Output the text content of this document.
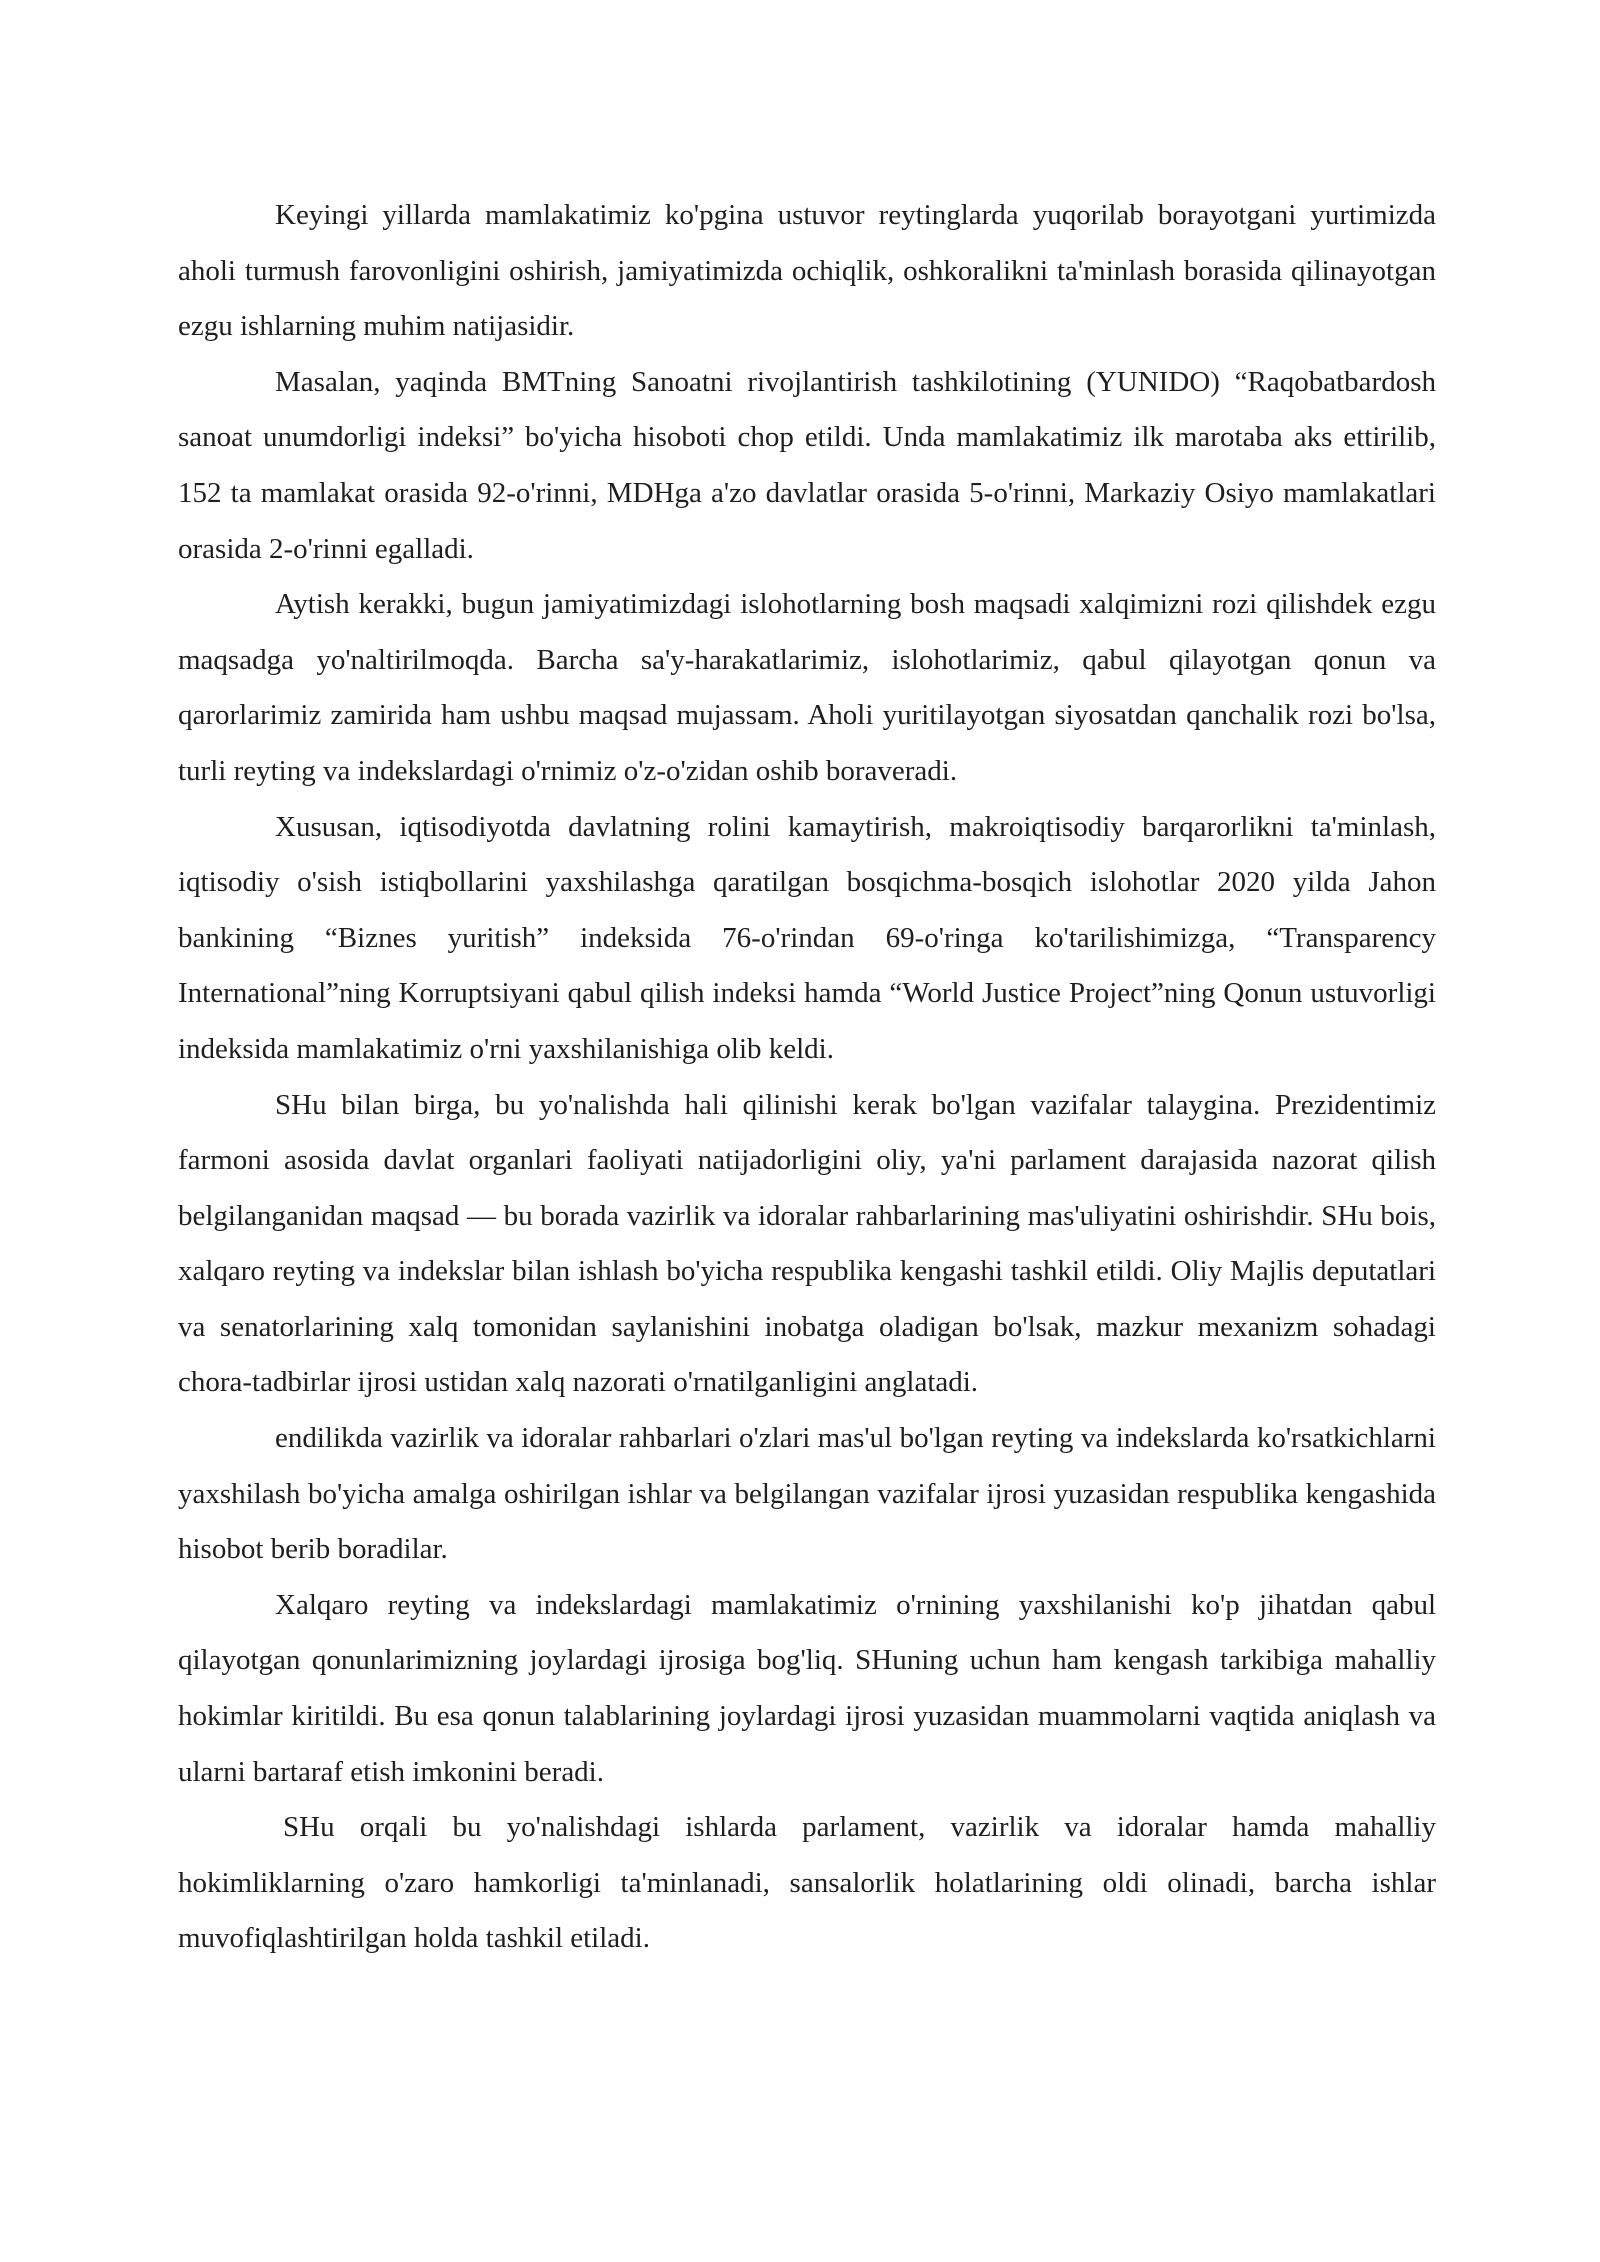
Keyingi yillarda mamlakatimiz ko'pgina ustuvor reytinglarda yuqorilab borayotgani yurtimizda aholi turmush farovonligini oshirish, jamiyatimizda ochiqlik, oshkoralikni ta'minlash borasida qilinayotgan ezgu ishlarning muhim natijasidir.

Masalan, yaqinda BMTning Sanoatni rivojlantirish tashkilotining (YUNIDO) “Raqobatbardosh sanoat unumdorligi indeksi” bo'yicha hisoboti chop etildi. Unda mamlakatimiz ilk marotaba aks ettirilib, 152 ta mamlakat orasida 92-o'rinni, MDHga a'zo davlatlar orasida 5-o'rinni, Markaziy Osiyo mamlakatlari orasida 2-o'rinni egalladi.

Aytish kerakki, bugun jamiyatimizdagi islohotlarning bosh maqsadi xalqimizni rozi qilishdek ezgu maqsadga yo'naltirilmoqda. Barcha sa'y-harakatlarimiz, islohotlarimiz, qabul qilayotgan qonun va qarorlarimiz zamirida ham ushbu maqsad mujassam. Aholi yuritilayotgan siyosatdan qanchalik rozi bo'lsa, turli reyting va indekslardagi o'rnimiz o'z-o'zidan oshib boraveradi.

Xususan, iqtisodiyotda davlatning rolini kamaytirish, makroiqtisodiy barqarorlikni ta'minlash, iqtisodiy o'sish istiqbollarini yaxshilashga qaratilgan bosqichma-bosqich islohotlar 2020 yilda Jahon bankining “Biznes yuritish” indeksida 76-o'rindan 69-o'ringa ko'tarilishimizga, “Transparency International”ning Korruptsiyani qabul qilish indeksi hamda “World Justice Project”ning Qonun ustuvorligi indeksida mamlakatimiz o'rni yaxshilanishiga olib keldi.

SHu bilan birga, bu yo'nalishda hali qilinishi kerak bo'lgan vazifalar talaygina. Prezidentimiz farmoni asosida davlat organlari faoliyati natijadorligini oliy, ya'ni parlament darajasida nazorat qilish belgilanganidan maqsad — bu borada vazirlik va idoralar rahbarlarining mas'uliyatini oshirishdir. SHu bois, xalqaro reyting va indekslar bilan ishlash bo'yicha respublika kengashi tashkil etildi. Oliy Majlis deputatlari va senatorlarining xalq tomonidan saylanishini inobatga oladigan bo'lsak, mazkur mexanizm sohadagi chora-tadbirlar ijrosi ustidan xalq nazorati o'rnatilganligini anglatadi.

endilikda vazirlik va idoralar rahbarlari o'zlari mas'ul bo'lgan reyting va indekslarda ko'rsatkichlarni yaxshilash bo'yicha amalga oshirilgan ishlar va belgilangan vazifalar ijrosi yuzasidan respublika kengashida hisobot berib boradilar.

Xalqaro reyting va indekslardagi mamlakatimiz o'rnining yaxshilanishi ko'p jihatdan qabul qilayotgan qonunlarimizning joylardagi ijrosiga bog'liq. SHuning uchun ham kengash tarkibiga mahalliy hokimlar kiritildi. Bu esa qonun talablarining joylardagi ijrosi yuzasidan muammolarni vaqtida aniqlash va ularni bartaraf etish imkonini beradi.

SHu orqali bu yo'nalishdagi ishlarda parlament, vazirlik va idoralar hamda mahalliy hokimliklarning o'zaro hamkorligi ta'minlanadi, sansalorlik holatlarining oldi olinadi, barcha ishlar muvofiqlashtirilgan holda tashkil etiladi.
